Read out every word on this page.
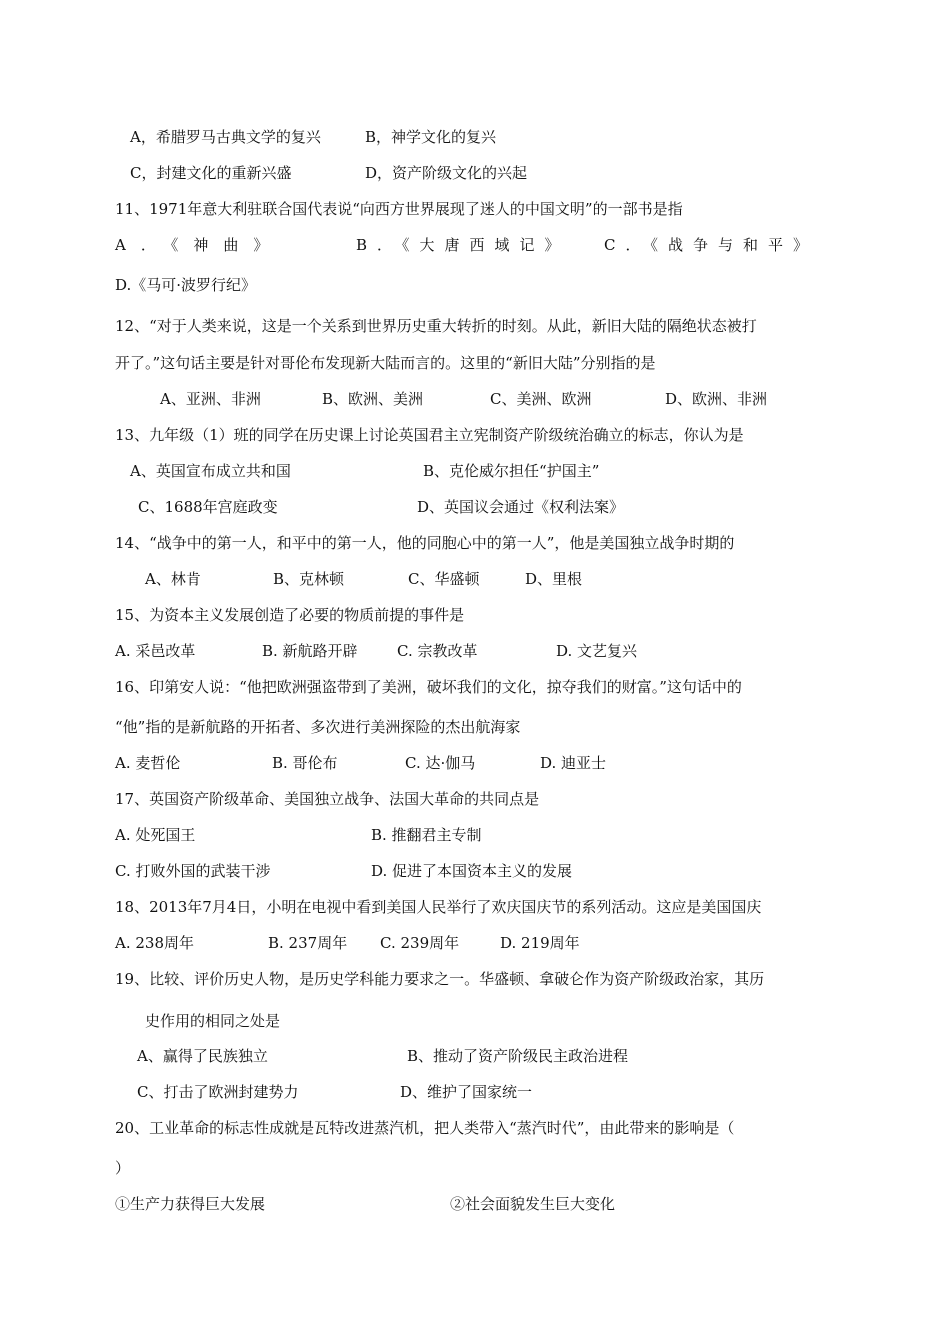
A，希腊罗马古典文学的复兴	B，神学文化的复兴
C，封建文化的重新兴盛	D，资产阶级文化的兴起
11、1971年意大利驻联合国代表说“向西方世界展现了迷人的中国文明”的一部书是指
A．《神曲》	B．《大唐西域记》 C．《战争与和平》
D.《马可·波罗行纪》
12、“对于人类来说，这是一个关系到世界历史重大转折的时刻。从此，新旧大陆的隔绝状态被打
开了。”这句话主要是针对哥伦布发现新大陆而言的。这里的“新旧大陆”分别指的是
A、亚洲、非洲	B、欧洲、美洲	C、美洲、欧洲	D、欧洲、非洲
13、九年级（1）班的同学在历史课上讨论英国君主立宪制资产阶级统治确立的标志，你认为是
A、英国宣布成立共和国	B、克伦威尔担任“护国主”
C、1688年宫庭政变	D、英国议会通过《权利法案》
14、“战争中的第一人，和平中的第一人，他的同胞心中的第一人”，他是美国独立战争时期的
A、林肯	B、克林顿	C、华盛顿	D、里根
15、为资本主义发展创造了必要的物质前提的事件是
A. 采邑改革	B. 新航路开辟	C. 宗教改革	D. 文艺复兴
16、印第安人说：“他把欧洲强盗带到了美洲，破坏我们的文化，掠夺我们的财富。”这句话中的
“他”指的是新航路的开拓者、多次进行美洲探险的杰出航海家
A. 麦哲伦	B. 哥伦布	C. 达·伽马	D. 迪亚士
17、英国资产阶级革命、美国独立战争、法国大革命的共同点是
A. 处死国王	B. 推翻君主专制
C. 打败外国的武装干涉	D. 促进了本国资本主义的发展
18、2013年7月4日，小明在电视中看到美国人民举行了欢庆国庆节的系列活动。这应是美国国庆
A. 238周年	B. 237周年 C. 239周年	D. 219周年
19、比较、评价历史人物，是历史学科能力要求之一。华盛顿、拿破仑作为资产阶级政治家，其历
史作用的相同之处是
A、赢得了民族独立	B、推动了资产阶级民主政治进程
C、打击了欧洲封建势力	D、维护了国家统一
20、工业革命的标志性成就是瓦特改进蒸汽机，把人类带入“蒸汽时代”，由此带来的影响是（
）
①生产力获得巨大发展	②社会面貌发生巨大变化
